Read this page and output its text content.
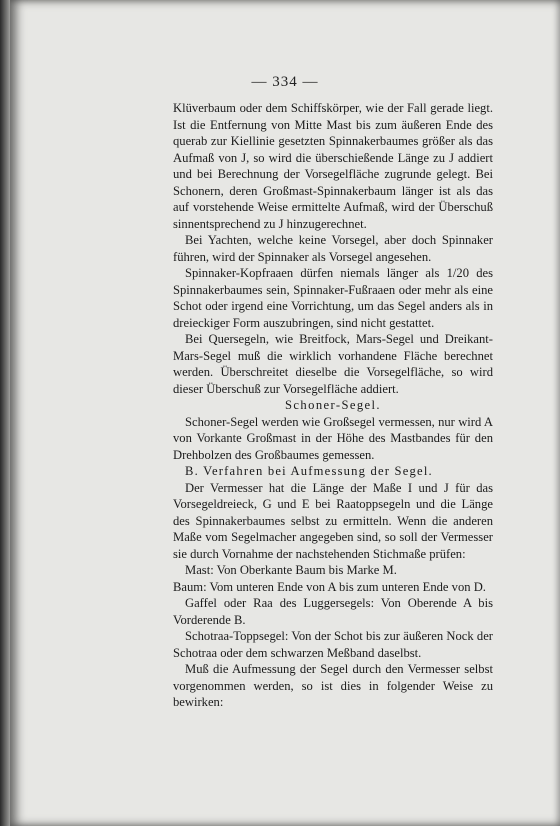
— 334 —

Klüverbaum oder dem Schiffskörper, wie der Fall gerade liegt. Ist die Entfernung von Mitte Mast bis zum äußeren Ende des querab zur Kiellinie gesetzten Spinnakerbaumes größer als das Aufmaß von J, so wird die überschießende Länge zu J addiert und bei Berechnung der Vorsegelfläche zugrunde gelegt. Bei Schonern, deren Großmast-Spinnakerbaum länger ist als das auf vorstehende Weise ermittelte Aufmaß, wird der Überschuß sinnentsprechend zu J hinzugerechnet.

Bei Yachten, welche keine Vorsegel, aber doch Spinnaker führen, wird der Spinnaker als Vorsegel angesehen.

Spinnaker-Kopfraaen dürfen niemals länger als 1/20 des Spinnakerbaumes sein, Spinnaker-Fußraaen oder mehr als eine Schot oder irgend eine Vorrichtung, um das Segel anders als in dreieckiger Form auszubringen, sind nicht gestattet.

Bei Quersegeln, wie Breitfock, Mars-Segel und Dreikant-Mars-Segel muß die wirklich vorhandene Fläche berechnet werden. Überschreitet dieselbe die Vorsegelfläche, so wird dieser Überschuß zur Vorsegelfläche addiert.

Schoner-Segel.

Schoner-Segel werden wie Großsegel vermessen, nur wird A von Vorkante Großmast in der Höhe des Mastbandes für den Drehbolzen des Großbaumes gemessen.

B. Verfahren bei Aufmessung der Segel.

Der Vermesser hat die Länge der Maße I und J für das Vorsegeldreieck, G und E bei Raatoppsegeln und die Länge des Spinnakerbaumes selbst zu ermitteln. Wenn die anderen Maße vom Segelmacher angegeben sind, so soll der Vermesser sie durch Vornahme der nachstehenden Stichmaße prüfen:

Mast: Von Oberkante Baum bis Marke M.

Baum: Vom unteren Ende von A bis zum unteren Ende von D.

Gaffel oder Raa des Luggersegels: Von Oberende A bis Vorderende B.

Schotraa-Toppsegel: Von der Schot bis zur äußeren Nock der Schotraa oder dem schwarzen Meßband daselbst.

Muß die Aufmessung der Segel durch den Vermesser selbst vorgenommen werden, so ist dies in folgender Weise zu bewirken:
